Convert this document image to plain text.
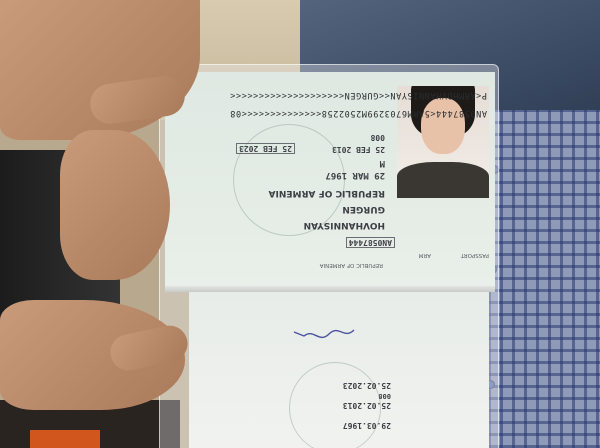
29.03.1967
25.02.2013
25.02.2023
008
REPUBLIC OF ARMENIA
PASSPORT
ARM
AN0587444
HOVHANNISYAN
GURGEN
REPUBLIC OF ARMENIA
29 MAR 1967
M
25 FEB 2013
25 FEB 2023
008
AN0587444<5ARM6703299M2502258<<<<<<<<<<<<<<08
P<ARMHOVHANNISYAN<<GURGEN<<<<<<<<<<<<<<<<<<<<
